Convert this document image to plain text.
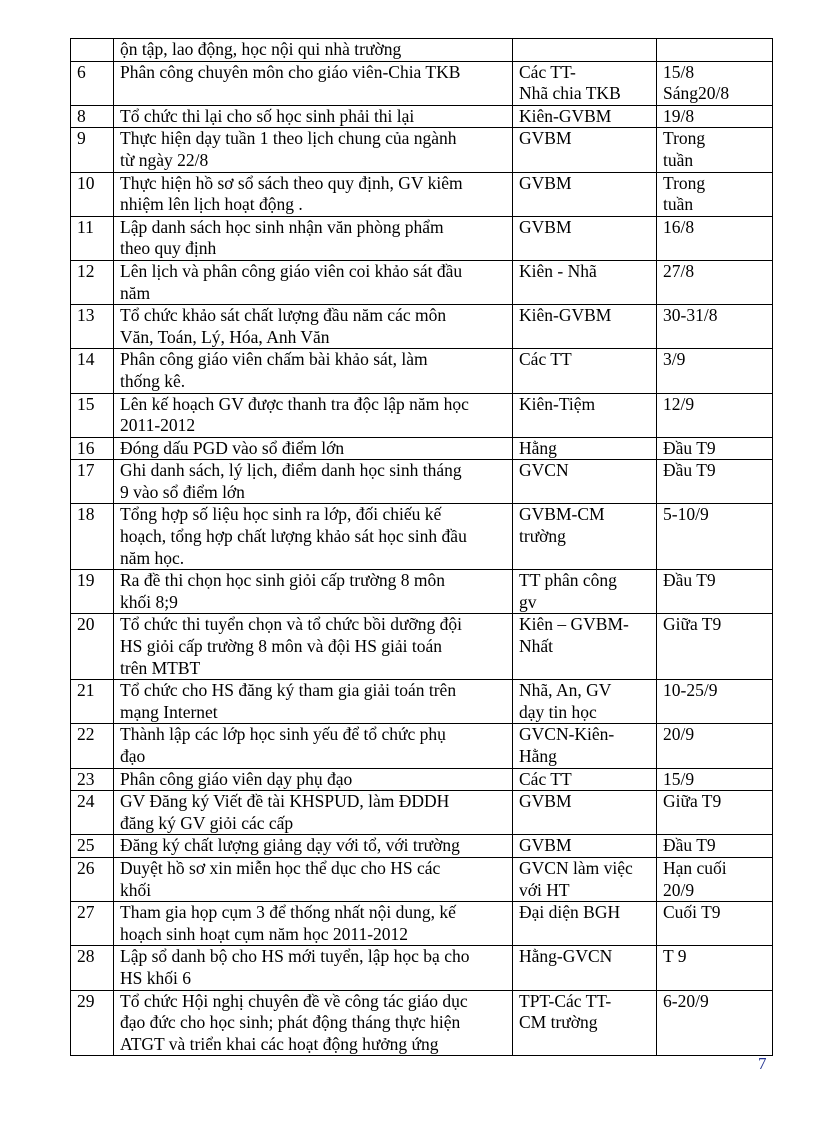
	ộn tập, lao động, học nội qui nhà trường		
6	Phân công chuyên môn cho giáo viên-Chia TKB	Các TT-
Nhã chia TKB	15/8
Sáng20/8
8	Tổ chức thi lại cho số học sinh phải thi lại	Kiên-GVBM	19/8
9	Thực hiện dạy tuần 1 theo lịch chung của ngành
từ ngày 22/8	GVBM	Trong
tuần
10	Thực hiện hồ sơ sổ sách theo quy định, GV kiêm
nhiệm lên lịch hoạt động .	GVBM	Trong
tuần
11	Lập danh sách học sinh nhận văn phòng phẩm
theo quy định	GVBM	16/8
12	Lên lịch và phân công giáo viên coi khảo sát đầu
năm	Kiên - Nhã	27/8
13	Tổ chức khảo sát chất lượng đầu năm các môn
Văn, Toán, Lý, Hóa, Anh Văn	Kiên-GVBM	30-31/8
14	Phân công giáo viên chấm bài khảo sát, làm
thống kê.	Các TT	3/9
15	Lên kế hoạch GV được thanh tra độc lập năm học
2011-2012	Kiên-Tiệm	12/9
16	Đóng dấu PGD vào sổ điểm lớn	Hằng	Đầu T9
17	Ghi danh sách, lý lịch, điểm danh học sinh tháng
9 vào sổ điểm lớn	GVCN	Đầu T9
18	Tổng hợp số liệu học sinh ra lớp, đối chiếu kế
hoạch, tổng hợp chất lượng khảo sát học sinh đầu
năm học.	GVBM-CM
trường	5-10/9
19	Ra đề thi chọn học sinh giỏi cấp trường 8 môn
khối 8;9	TT phân công
gv	Đầu T9
20	Tổ chức thi tuyển chọn và tổ chức bồi dưỡng đội
HS giỏi cấp trường 8 môn và đội HS giải toán
trên MTBT	Kiên – GVBM-
Nhất	Giữa T9
21	Tổ chức cho HS đăng ký tham gia giải toán trên
mạng Internet	Nhã, An, GV
dạy tin học	10-25/9
22	Thành lập các lớp học sinh yếu để tổ chức phụ
đạo	GVCN-Kiên-
Hằng	20/9
23	Phân công giáo viên dạy phụ đạo	Các TT	15/9
24	GV Đăng ký Viết đề tài KHSPUD, làm ĐDDH
đăng ký GV giỏi các cấp	GVBM	Giữa T9
25	Đăng ký chất lượng giảng dạy với tổ, với trường	GVBM	Đầu T9
26	Duyệt hồ sơ xin miễn học thể dục cho HS các
khối	GVCN làm việc
với HT	Hạn cuối
20/9
27	Tham gia họp cụm 3 để thống nhất nội dung, kế
hoạch sinh hoạt cụm năm học 2011-2012	Đại diện BGH	Cuối T9
28	Lập sổ danh bộ cho HS mới tuyển, lập học bạ cho
HS khối 6	Hằng-GVCN	T 9
29	Tổ chức Hội nghị chuyên đề về công tác giáo dục
đạo đức cho học sinh; phát động tháng thực hiện
ATGT và triển khai các hoạt động hưởng ứng	TPT-Các TT-
CM trường	6-20/9
7
